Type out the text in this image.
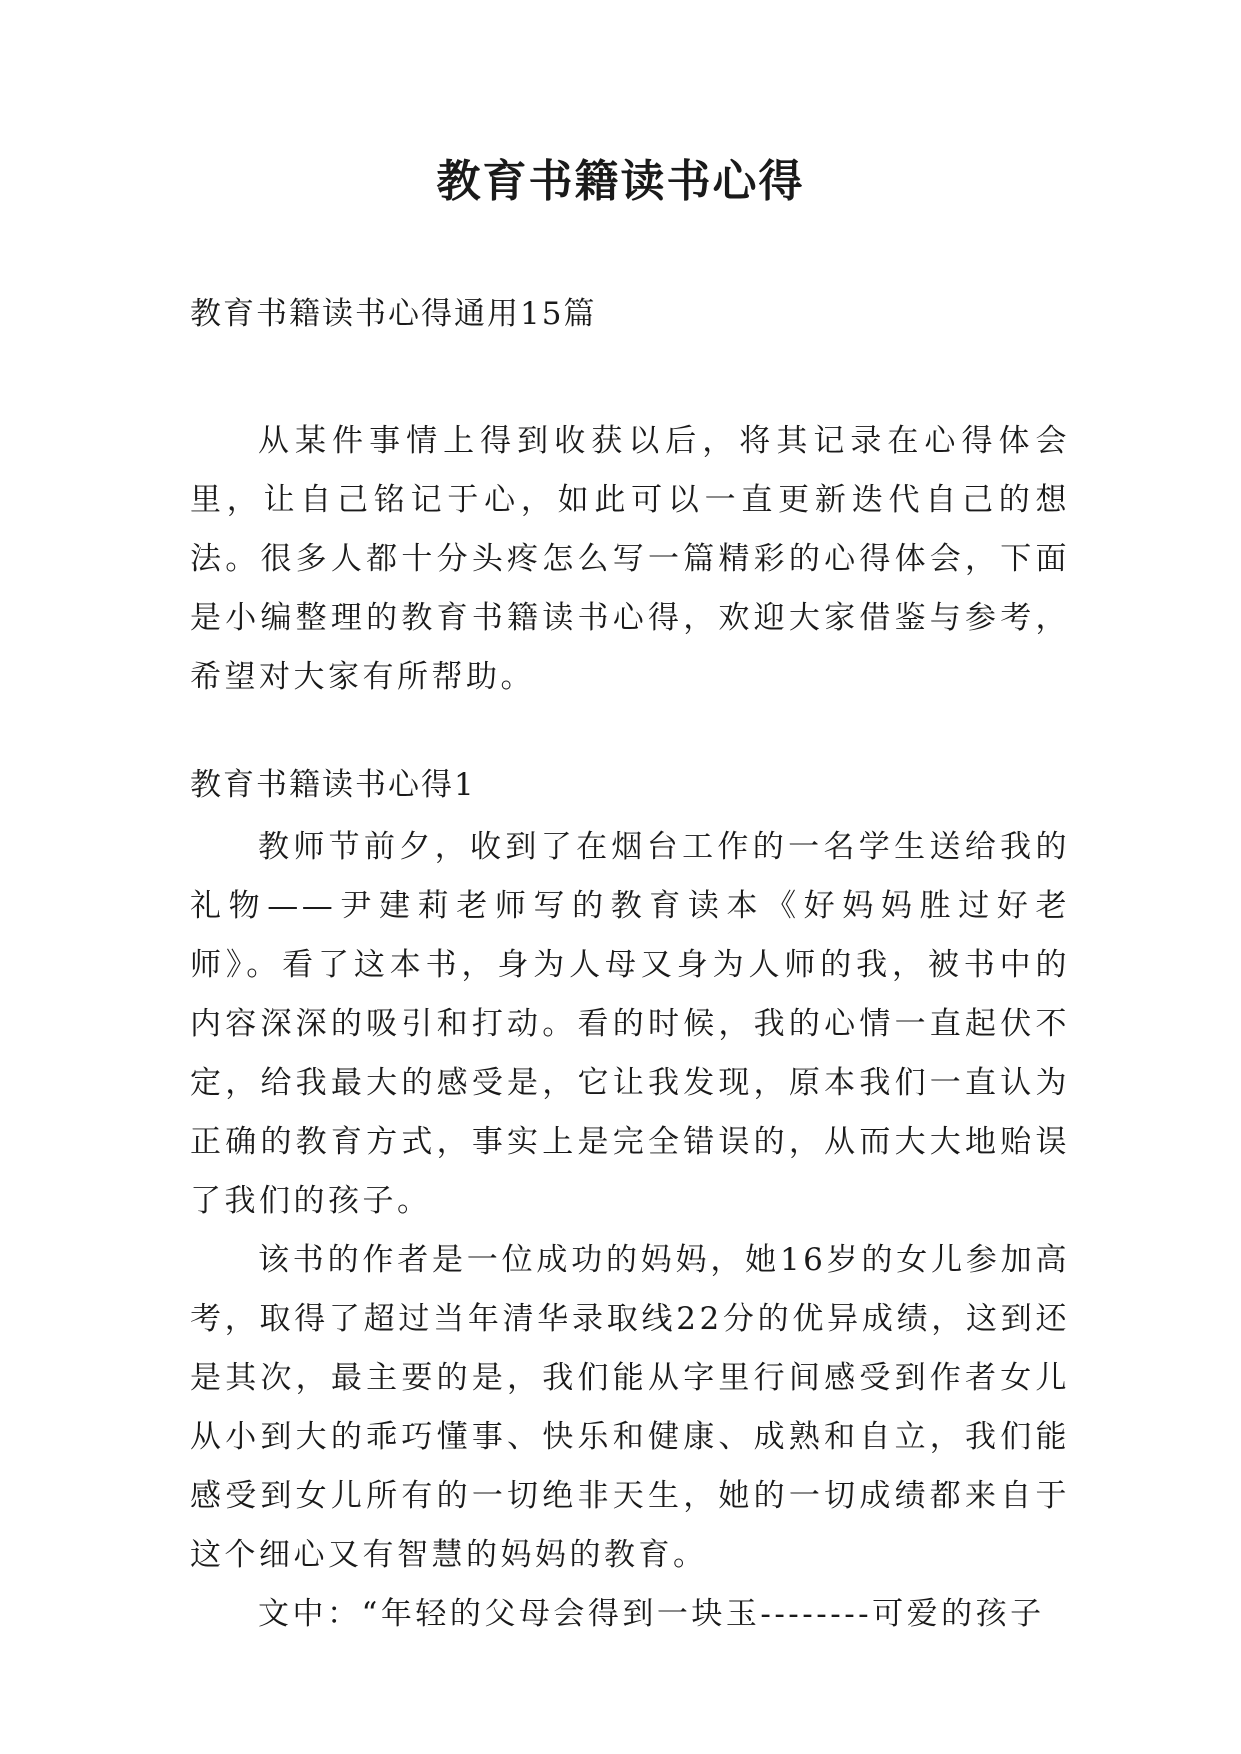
教育书籍读书心得

教育书籍读书心得通用15篇

从某件事情上得到收获以后，将其记录在心得体会里，让自己铭记于心，如此可以一直更新迭代自己的想法。很多人都十分头疼怎么写一篇精彩的心得体会，下面是小编整理的教育书籍读书心得，欢迎大家借鉴与参考，希望对大家有所帮助。

教育书籍读书心得1

教师节前夕，收到了在烟台工作的一名学生送给我的礼物——尹建莉老师写的教育读本《好妈妈胜过好老师》。看了这本书，身为人母又身为人师的我，被书中的内容深深的吸引和打动。看的时候，我的心情一直起伏不定，给我最大的感受是，它让我发现，原本我们一直认为正确的教育方式，事实上是完全错误的，从而大大地贻误了我们的孩子。

该书的作者是一位成功的妈妈，她16岁的女儿参加高考，取得了超过当年清华录取线22分的优异成绩，这到还是其次，最主要的是，我们能从字里行间感受到作者女儿从小到大的乖巧懂事、快乐和健康、成熟和自立，我们能感受到女儿所有的一切绝非天生，她的一切成绩都来自于这个细心又有智慧的妈妈的教育。

文中：“年轻的父母会得到一块玉--------可爱的孩子
